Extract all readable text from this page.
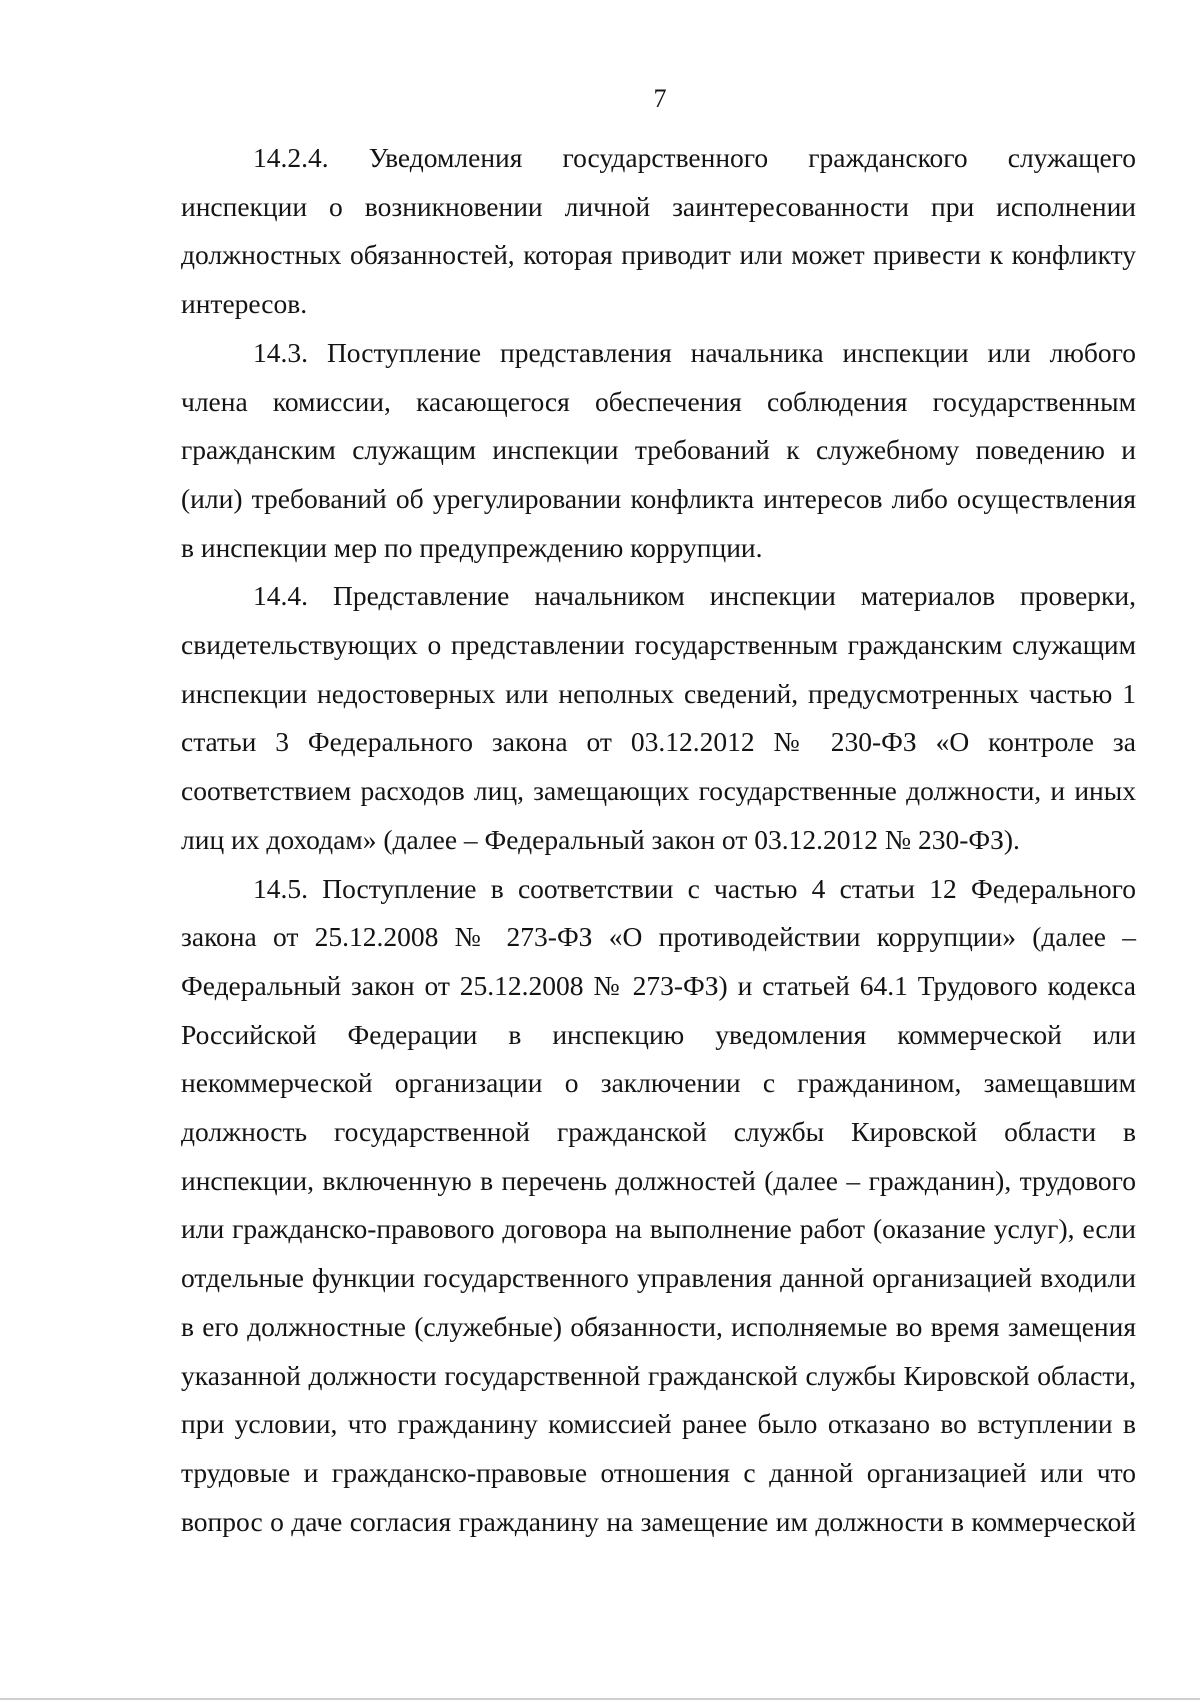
7

14.2.4. Уведомления государственного гражданского служащего инспекции о возникновении личной заинтересованности при исполнении должностных обязанностей, которая приводит или может привести к конфликту интересов.

14.3. Поступление представления начальника инспекции или любого члена комиссии, касающегося обеспечения соблюдения государственным гражданским служащим инспекции требований к служебному поведению и (или) требований об урегулировании конфликта интересов либо осуществления в инспекции мер по предупреждению коррупции.

14.4. Представление начальником инспекции материалов проверки, свидетельствующих о представлении государственным гражданским служащим инспекции недостоверных или неполных сведений, предусмотренных частью 1 статьи 3 Федерального закона от 03.12.2012 № 230-ФЗ «О контроле за соответствием расходов лиц, замещающих государственные должности, и иных лиц их доходам» (далее – Федеральный закон от 03.12.2012 № 230-ФЗ).

14.5. Поступление в соответствии с частью 4 статьи 12 Федерального закона от 25.12.2008 № 273-ФЗ «О противодействии коррупции» (далее – Федеральный закон от 25.12.2008 № 273-ФЗ) и статьей 64.1 Трудового кодекса Российской Федерации в инспекцию уведомления коммерческой или некоммерческой организации о заключении с гражданином, замещавшим должность государственной гражданской службы Кировской области в инспекции, включенную в перечень должностей (далее – гражданин), трудового или гражданско-правового договора на выполнение работ (оказание услуг), если отдельные функции государственного управления данной организацией входили в его должностные (служебные) обязанности, исполняемые во время замещения указанной должности государственной гражданской службы Кировской области, при условии, что гражданину комиссией ранее было отказано во вступлении в трудовые и гражданско-правовые отношения с данной организацией или что вопрос о даче согласия гражданину на замещение им должности в коммерческой
